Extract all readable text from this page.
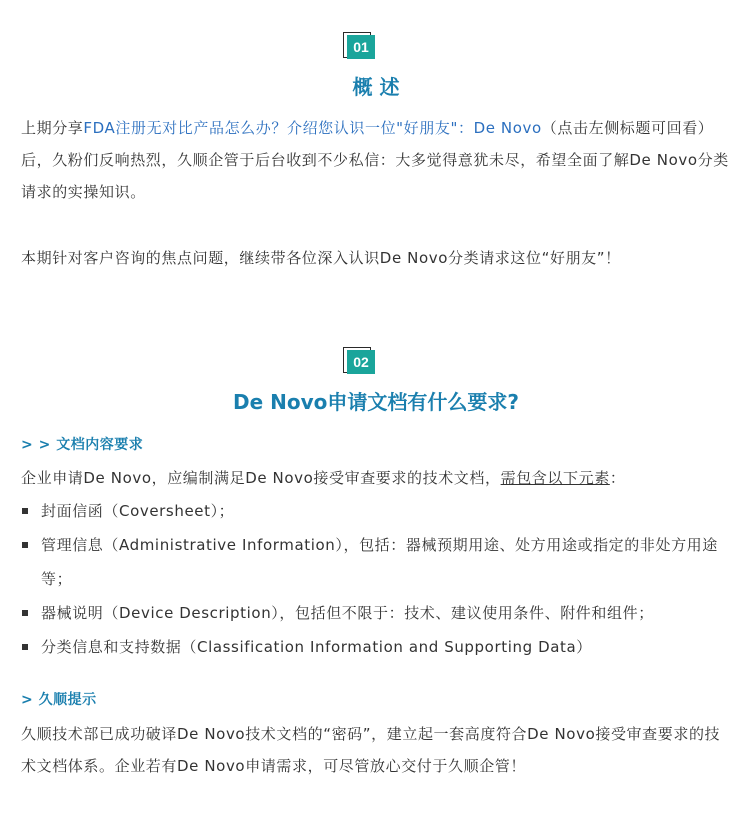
01
概 述

上期分享FDA注册无对比产品怎么办？介绍您认识一位"好朋友"：De Novo（点击左侧标题可回看）后，久粉们反响热烈，久顺企管于后台收到不少私信：大多觉得意犹未尽，希望全面了解De Novo分类请求的实操知识。

本期针对客户咨询的焦点问题，继续带各位深入认识De Novo分类请求这位“好朋友”！

02
De Novo申请文档有什么要求?
> > 文档内容要求

企业申请De Novo，应编制满足De Novo接受审查要求的技术文档，需包含以下元素：

封面信函（Coversheet）；
管理信息（Administrative Information），包括：器械预期用途、处方用途或指定的非处方用途等；
器械说明（Device Description），包括但不限于：技术、建议使用条件、附件和组件；
分类信息和支持数据（Classification Information and Supporting Data）
> 久顺提示

久顺技术部已成功破译De Novo技术文档的“密码”，建立起一套高度符合De Novo接受审查要求的技术文档体系。企业若有De Novo申请需求，可尽管放心交付于久顺企管！
